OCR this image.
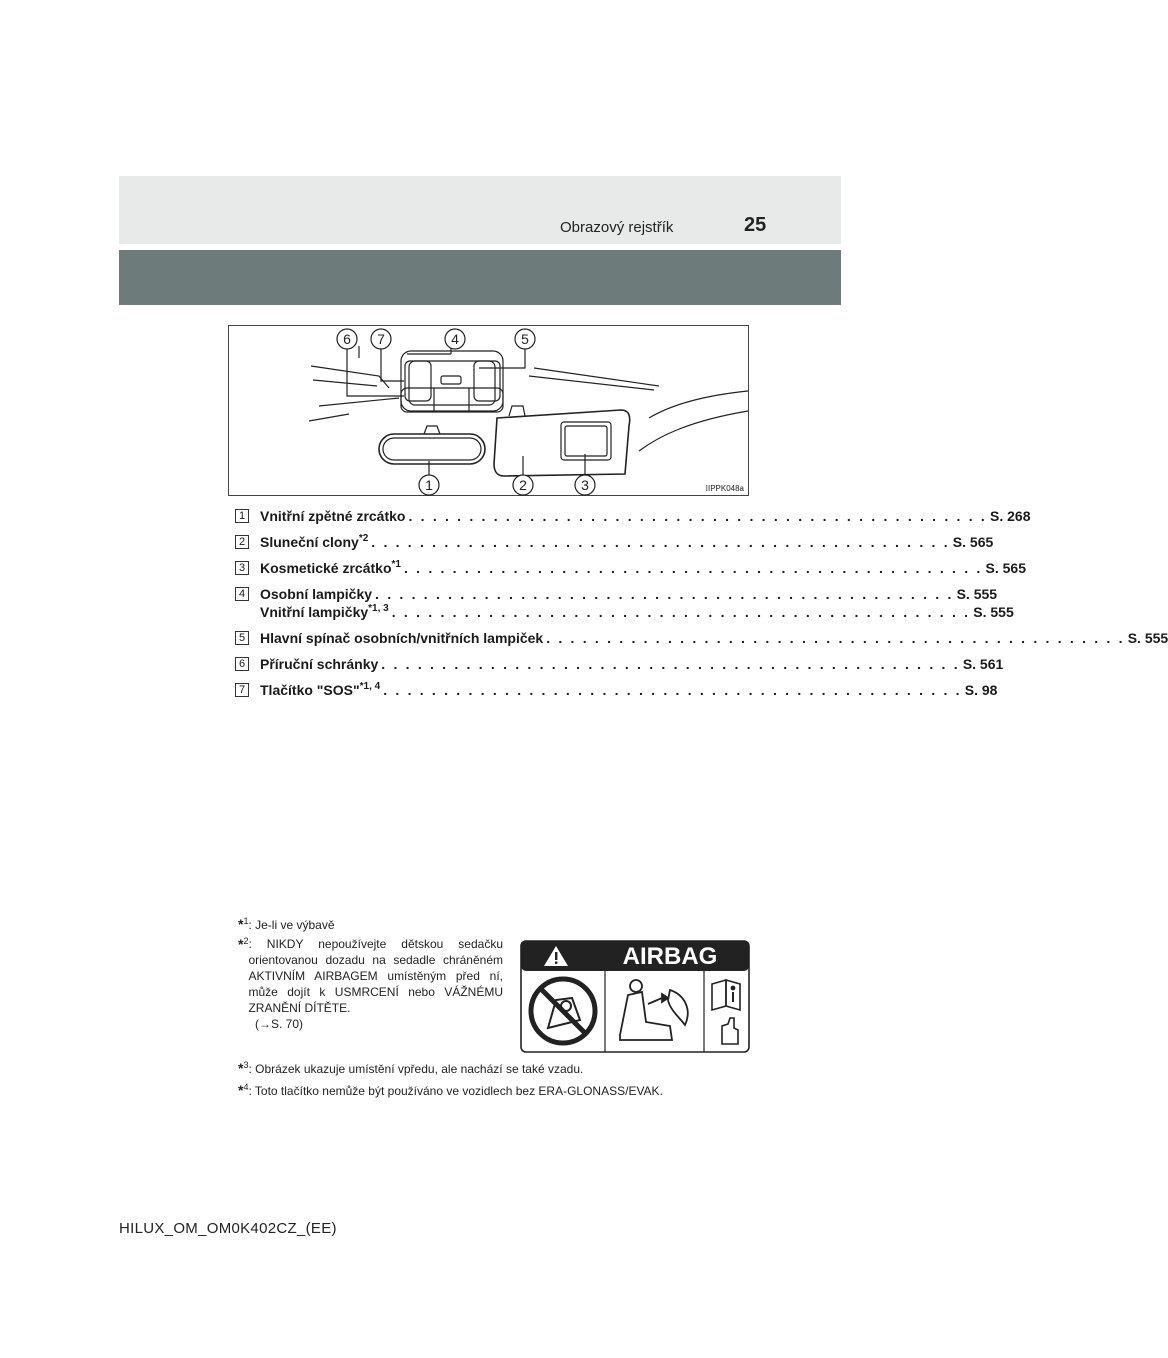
Obrazový rejstřík	25
6 7	4	5
1	2	3	IIPPK048a
1 Vnitřní zpětné zrcátko . . . . . . . . . . . . . . . . . . . . . . . . . . . . . . . . . . . . . . . . . . . . . . . . S. 268
2 Sluneční clony$^{*2}$ . . . . . . . . . . . . . . . . . . . . . . . . . . . . . . . . . . . . . . . . . . . . . . . . S. 565
3 Kosmetické zrcátko$^{*1}$ . . . . . . . . . . . . . . . . . . . . . . . . . . . . . . . . . . . . . . . . . . . . . . . . S. 565
4 Osobní lampičky . . . . . . . . . . . . . . . . . . . . . . . . . . . . . . . . . . . . . . . . . . . . . . . . S. 555
Vnitřní lampičky$^{*1, 3}$ . . . . . . . . . . . . . . . . . . . . . . . . . . . . . . . . . . . . . . . . . . . . . . . . S. 555
5 Hlavní spínač osobních/vnitřních lampiček . . . . . . . . . . . . . . . . . . . . . . . . . . . . . . . . . . . . . . . . . . . . . . . . S. 555
6 Příruční schránky . . . . . . . . . . . . . . . . . . . . . . . . . . . . . . . . . . . . . . . . . . . . . . . . S. 561
7 Tlačítko "SOS"$^{*1, 4}$ . . . . . . . . . . . . . . . . . . . . . . . . . . . . . . . . . . . . . . . . . . . . . . . . S. 98
*$^1$: Je-li ve výbavě
*$^2$ : NIKDY nepoužívejte dětskou sedačku orientovanou dozadu na sedadle chráněném AKTIVNÍM AIRBAGEM umístěným před ní, může dojít k USMRCENÍ nebo VÁŽNÉMU ZRANĚNÍ DÍTĚTE.
(→S. 70)
AIRBAG
*$^3$: Obrázek ukazuje umístění vpředu, ale nachází se také vzadu.
*$^4$: Toto tlačítko nemůže být používáno ve vozidlech bez ERA-GLONASS/EVAK.
HILUX_OM_OM0K402CZ_(EE)
